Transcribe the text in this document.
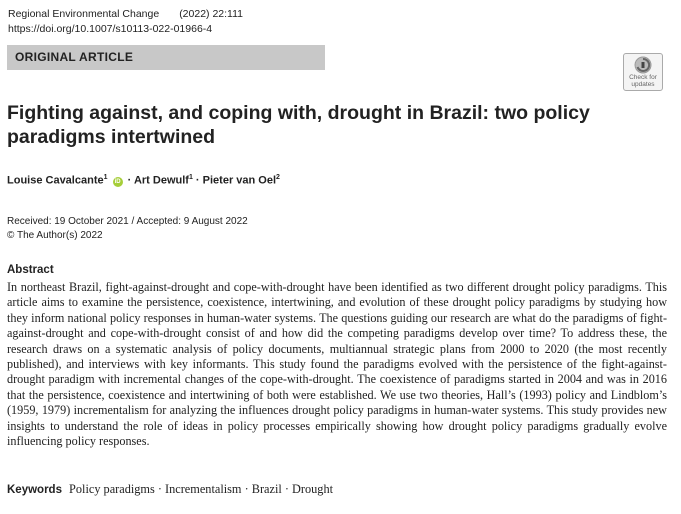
Regional Environmental Change (2022) 22:111
https://doi.org/10.1007/s10113-022-01966-4
ORIGINAL ARTICLE
Check for
updates
Fighting against, and coping with, drought in Brazil: two policy paradigms intertwined
Louise Cavalcante$^1$ iD · Art Dewulf$^1$ · Pieter van Oel$^2$
Received: 19 October 2021 / Accepted: 9 August 2022
© The Author(s) 2022
Abstract
In northeast Brazil, fight-against-drought and cope-with-drought have been identified as two different drought policy paradigms. This article aims to examine the persistence, coexistence, intertwining, and evolution of these drought policy paradigms by studying how they inform national policy responses in human-water systems. The questions guiding our research are what do the paradigms of fight-against-drought and cope-with-drought consist of and how did the competing paradigms develop over time? To address these, the research draws on a systematic analysis of policy documents, multiannual strategic plans from 2000 to 2020 (the most recently published), and interviews with key informants. This study found the paradigms evolved with the persistence of the fight-against-drought paradigm with incremental changes of the cope-with-drought. The coexistence of paradigms started in 2004 and was in 2016 that the persistence, coexistence and intertwining of both were established. We use two theories, Hall’s (1993) policy and Lindblom’s (1959, 1979) incrementalism for analyzing the influences drought policy paradigms in human-water systems. This study provides new insights to understand the role of ideas in policy processes empirically showing how drought policy paradigms gradually evolve influencing policy responses.
Keywords Policy paradigms · Incrementalism · Brazil · Drought
